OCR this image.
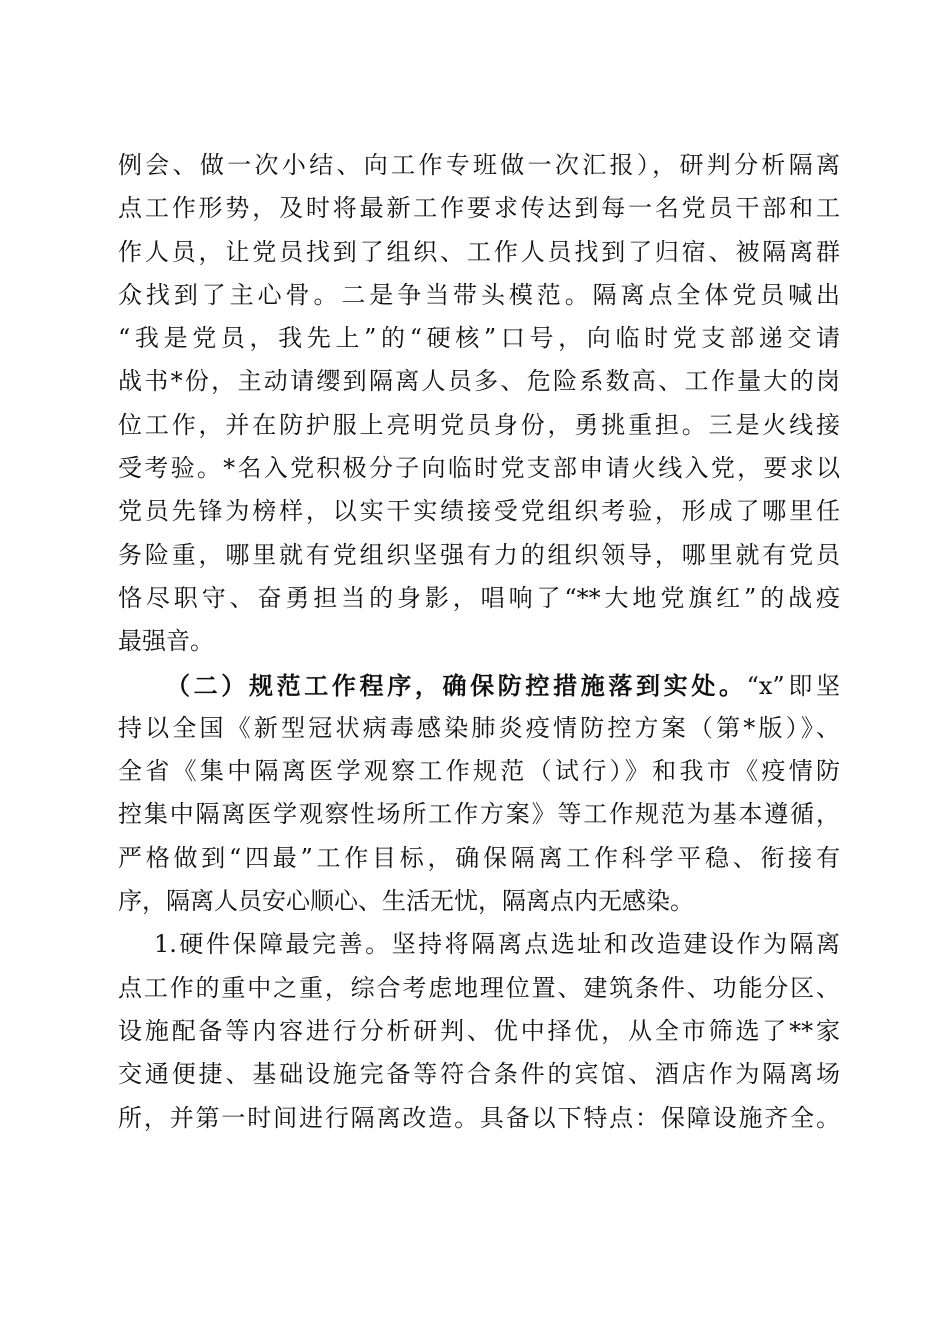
例会、做一次小结、向工作专班做一次汇报），研判分析隔离
点工作形势，及时将最新工作要求传达到每一名党员干部和工
作人员，让党员找到了组织、工作人员找到了归宿、被隔离群
众找到了主心骨。二是争当带头模范。隔离点全体党员喊出
“我是党员，我先上”的“硬核”口号，向临时党支部递交请
战书*份，主动请缨到隔离人员多、危险系数高、工作量大的岗
位工作，并在防护服上亮明党员身份，勇挑重担。三是火线接
受考验。*名入党积极分子向临时党支部申请火线入党，要求以
党员先锋为榜样，以实干实绩接受党组织考验，形成了哪里任
务险重，哪里就有党组织坚强有力的组织领导，哪里就有党员
恪尽职守、奋勇担当的身影，唱响了“**大地党旗红”的战疫
最强音。
（二）规范工作程序，确保防控措施落到实处。“x”即坚
持以全国《新型冠状病毒感染肺炎疫情防控方案（第*版）》、
全省《集中隔离医学观察工作规范（试行）》和我市《疫情防
控集中隔离医学观察性场所工作方案》等工作规范为基本遵循，
严格做到“四最”工作目标，确保隔离工作科学平稳、衔接有
序，隔离人员安心顺心、生活无忧，隔离点内无感染。
1.硬件保障最完善。坚持将隔离点选址和改造建设作为隔离
点工作的重中之重，综合考虑地理位置、建筑条件、功能分区、
设施配备等内容进行分析研判、优中择优，从全市筛选了**家
交通便捷、基础设施完备等符合条件的宾馆、酒店作为隔离场
所，并第一时间进行隔离改造。具备以下特点：保障设施齐全。
